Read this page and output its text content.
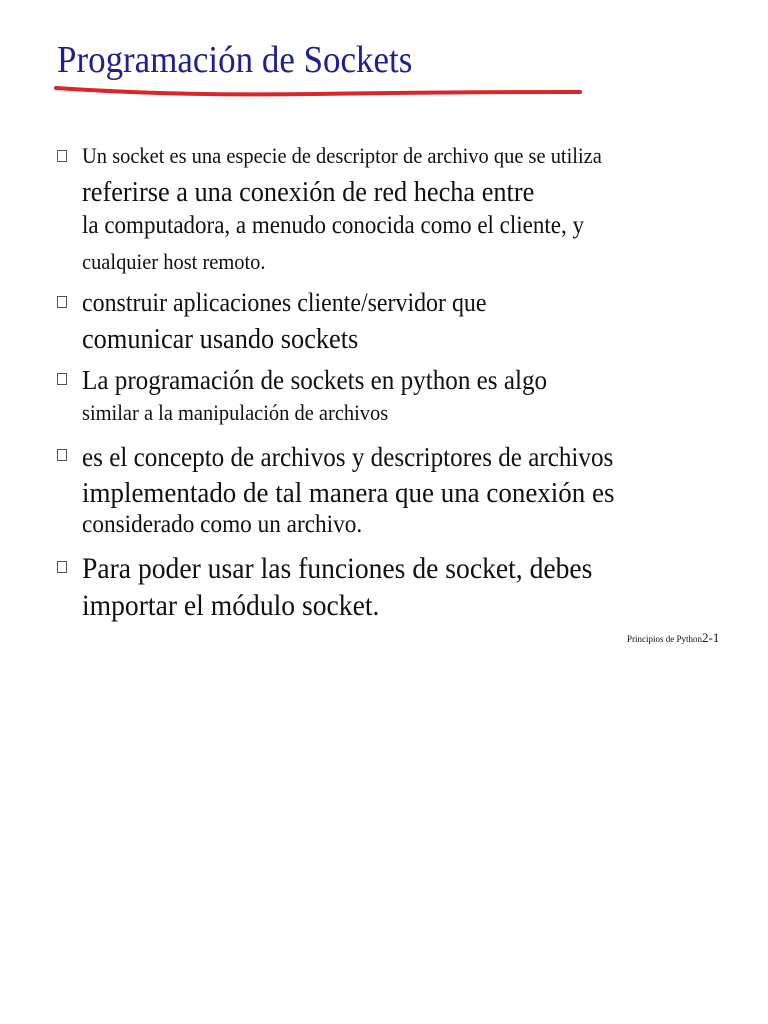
Programación de Sockets
Un socket es una especie de descriptor de archivo que se utiliza
referirse a una conexión de red hecha entre
la computadora, a menudo conocida como el cliente, y
cualquier host remoto.
construir aplicaciones cliente/servidor que
comunicar usando sockets
La programación de sockets en python es algo
similar a la manipulación de archivos
es el concepto de archivos y descriptores de archivos
implementado de tal manera que una conexión es
considerado como un archivo.
Para poder usar las funciones de socket, debes
importar el módulo socket.
Principios de Python2-1
